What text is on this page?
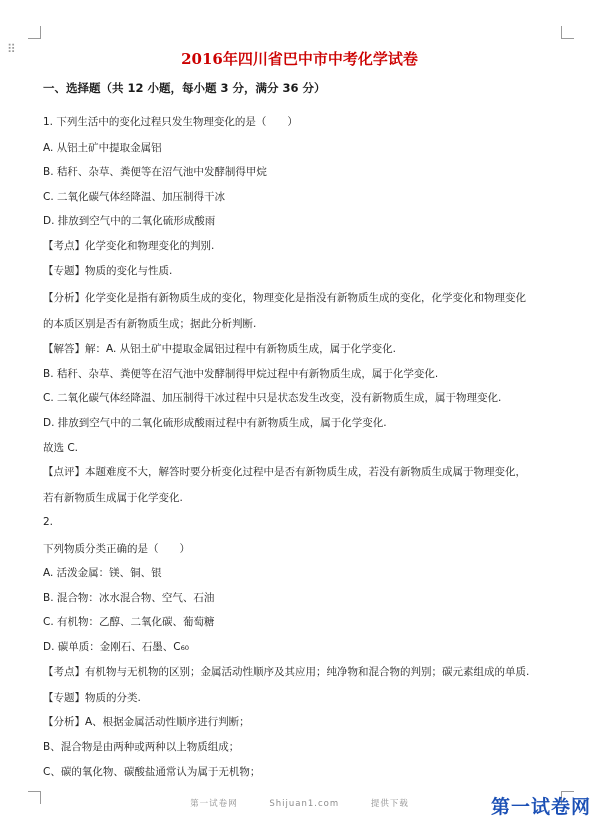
⠿
2016年四川省巴中市中考化学试卷
一、选择题（共 12 小题，每小题 3 分，满分 36 分）
1. 下列生活中的变化过程只发生物理变化的是（　　）
A. 从铝土矿中提取金属铝
B. 秸秆、杂草、粪便等在沼气池中发酵制得甲烷
C. 二氧化碳气体经降温、加压制得干冰
D. 排放到空气中的二氧化硫形成酸雨
【考点】化学变化和物理变化的判别.
【专题】物质的变化与性质.
【分析】化学变化是指有新物质生成的变化，物理变化是指没有新物质生成的变化，化学变化和物理变化
的本质区别是否有新物质生成；据此分析判断.
【解答】解：A. 从铝土矿中提取金属铝过程中有新物质生成，属于化学变化.
B. 秸秆、杂草、粪便等在沼气池中发酵制得甲烷过程中有新物质生成，属于化学变化.
C. 二氧化碳气体经降温、加压制得干冰过程中只是状态发生改变，没有新物质生成，属于物理变化.
D. 排放到空气中的二氧化硫形成酸雨过程中有新物质生成，属于化学变化.
故选 C.
【点评】本题难度不大，解答时要分析变化过程中是否有新物质生成，若没有新物质生成属于物理变化，
若有新物质生成属于化学变化.
2.
下列物质分类正确的是（　　）
A. 活泼金属：镁、铜、银
B. 混合物：冰水混合物、空气、石油
C. 有机物：乙醇、二氧化碳、葡萄糖
D. 碳单质：金刚石、石墨、C₆₀
【考点】有机物与无机物的区别；金属活动性顺序及其应用；纯净物和混合物的判别；碳元素组成的单质.
【专题】物质的分类.
【分析】A、根据金属活动性顺序进行判断；
B、混合物是由两种或两种以上物质组成；
C、碳的氧化物、碳酸盐通常认为属于无机物；
第一试卷网	Shijuan1.com	提供下载	第一试卷网
